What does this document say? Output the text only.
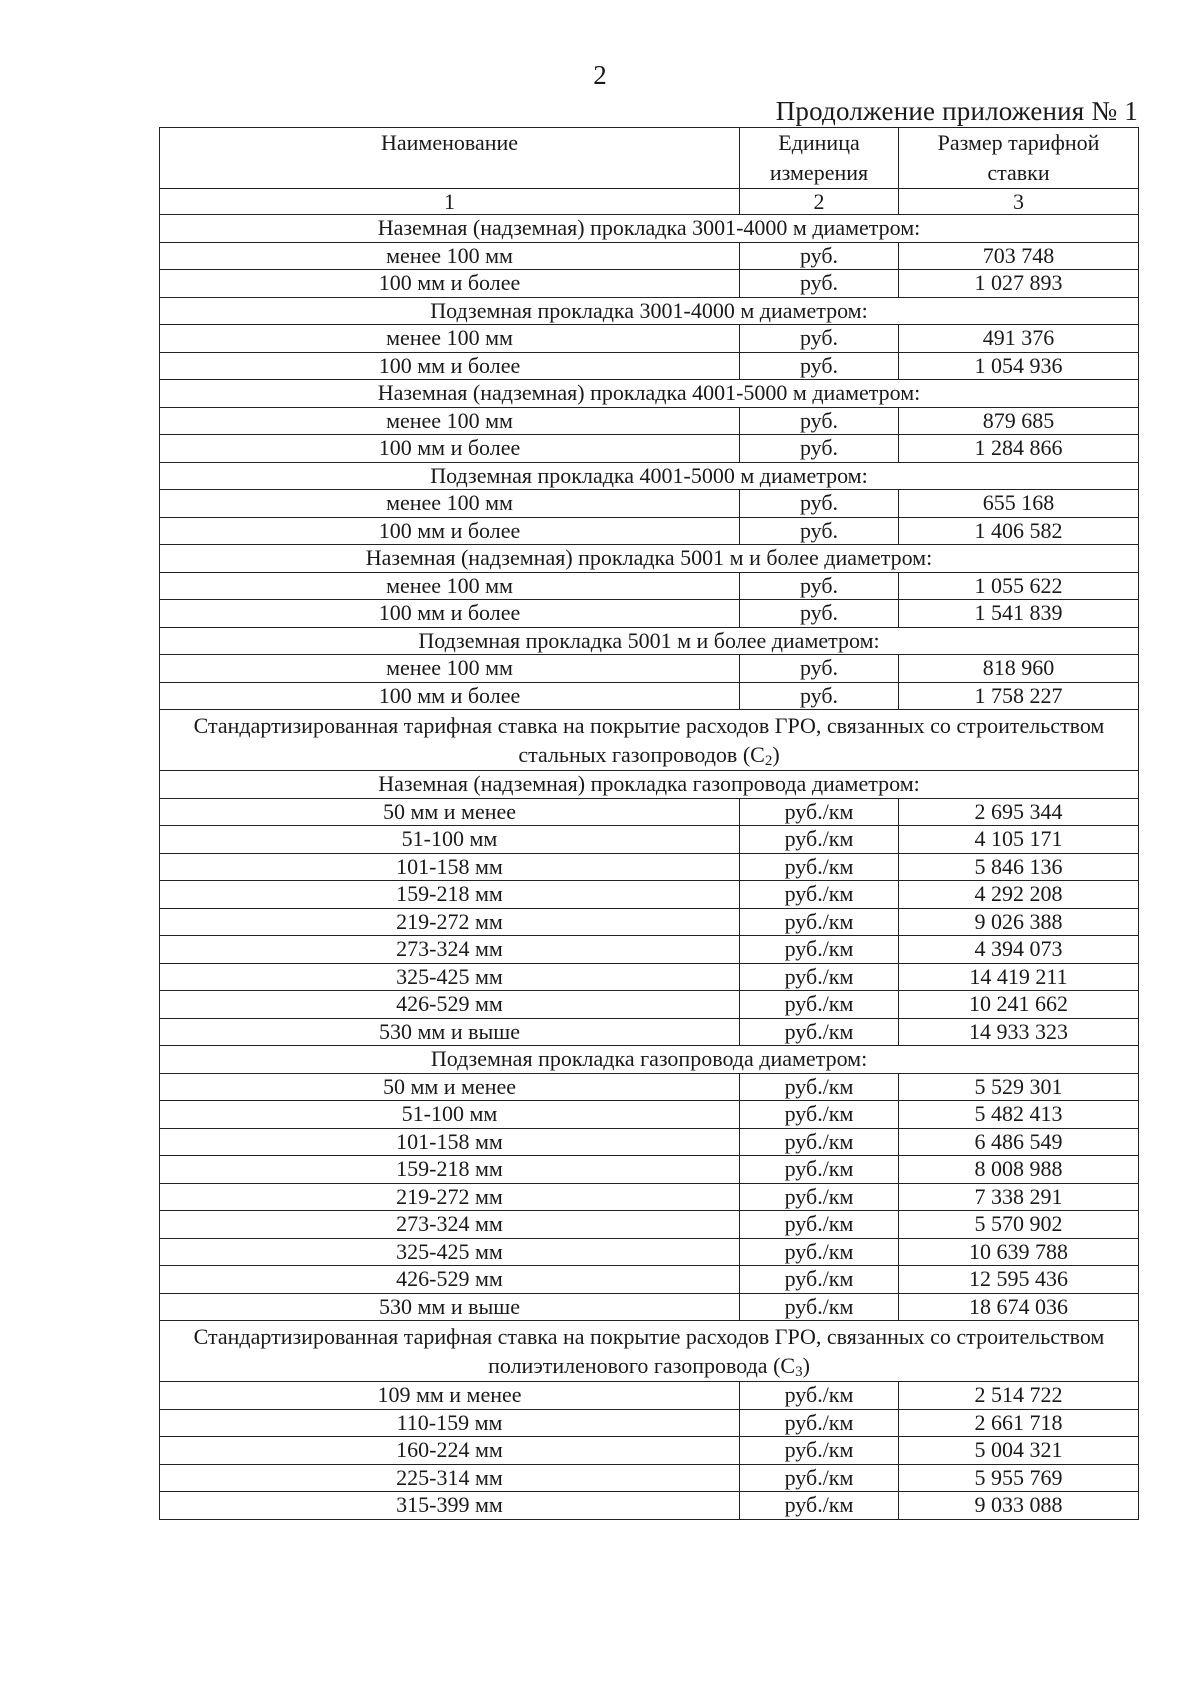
2
Продолжение приложения № 1
Наименование	Единица измерения	Размер тарифной ставки
1	2	3
Наземная (надземная) прокладка 3001-4000 м диаметром:		
менее 100 мм	руб.	703 748
100 мм и более	руб.	1 027 893
Подземная прокладка 3001-4000 м диаметром:		
менее 100 мм	руб.	491 376
100 мм и более	руб.	1 054 936
Наземная (надземная) прокладка 4001-5000 м диаметром:		
менее 100 мм	руб.	879 685
100 мм и более	руб.	1 284 866
Подземная прокладка 4001-5000 м диаметром:		
менее 100 мм	руб.	655 168
100 мм и более	руб.	1 406 582
Наземная (надземная) прокладка 5001 м и более диаметром:		
менее 100 мм	руб.	1 055 622
100 мм и более	руб.	1 541 839
Подземная прокладка 5001 м и более диаметром:		
менее 100 мм	руб.	818 960
100 мм и более	руб.	1 758 227
Стандартизированная тарифная ставка на покрытие расходов ГРО, связанных со строительством стальных газопроводов $(С_2)$		
Наземная (надземная) прокладка газопровода диаметром:		
50 мм и менее	руб./км	2 695 344
51-100 мм	руб./км	4 105 171
101-158 мм	руб./км	5 846 136
159-218 мм	руб./км	4 292 208
219-272 мм	руб./км	9 026 388
273-324 мм	руб./км	4 394 073
325-425 мм	руб./км	14 419 211
426-529 мм	руб./км	10 241 662
530 мм и выше	руб./км	14 933 323
Подземная прокладка газопровода диаметром:		
50 мм и менее	руб./км	5 529 301
51-100 мм	руб./км	5 482 413
101-158 мм	руб./км	6 486 549
159-218 мм	руб./км	8 008 988
219-272 мм	руб./км	7 338 291
273-324 мм	руб./км	5 570 902
325-425 мм	руб./км	10 639 788
426-529 мм	руб./км	12 595 436
530 мм и выше	руб./км	18 674 036
Стандартизированная тарифная ставка на покрытие расходов ГРО, связанных со строительством полиэтиленового газопровода $(С_3)$		
109 мм и менее	руб./км	2 514 722
110-159 мм	руб./км	2 661 718
160-224 мм	руб./км	5 004 321
225-314 мм	руб./км	5 955 769
315-399 мм	руб./км	9 033 088
